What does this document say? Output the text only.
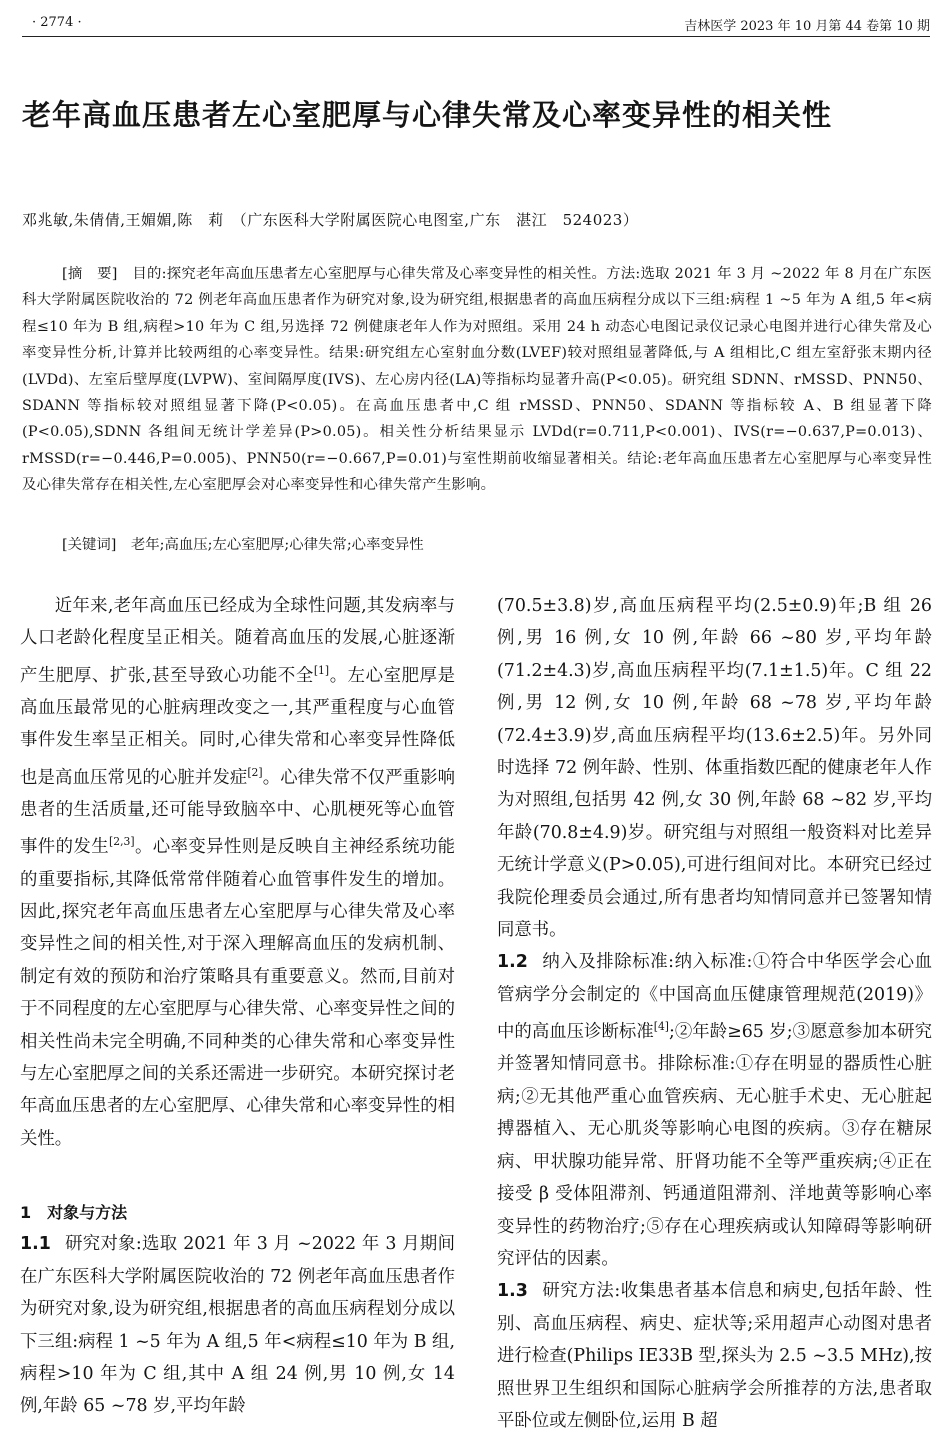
· 2774 ·	吉林医学 2023 年 10 月第 44 卷第 10 期
老年高血压患者左心室肥厚与心律失常及心率变异性的相关性
邓兆敏,朱倩倩,王媚媚,陈　莉　（广东医科大学附属医院心电图室,广东　湛江　524023）

[摘　要]　 目的:探究老年高血压患者左心室肥厚与心律失常及心率变异性的相关性。方法:选取 2021 年 3 月 ~2022 年 8 月在广东医科大学附属医院收治的 72 例老年高血压患者作为研究对象,设为研究组,根据患者的高血压病程分成以下三组:病程 1 ~5 年为 A 组,5 年<病程≤10 年为 B 组,病程>10 年为 C 组,另选择 72 例健康老年人作为对照组。采用 24 h 动态心电图记录仪记录心电图并进行心律失常及心率变异性分析,计算并比较两组的心率变异性。结果:研究组左心室射血分数(LVEF)较对照组显著降低,与 A 组相比,C 组左室舒张末期内径(LVDd)、左室后壁厚度(LVPW)、室间隔厚度(IVS)、左心房内径(LA)等指标均显著升高(P<0.05)。研究组 SDNN、rMSSD、PNN50、SDANN 等指标较对照组显著下降(P<0.05)。在高血压患者中,C 组 rMSSD、PNN50、SDANN 等指标较 A、B 组显著下降(P<0.05),SDNN 各组间无统计学差异(P>0.05)。相关性分析结果显示 LVDd(r=0.711,P<0.001)、IVS(r=−0.637,P=0.013)、rMSSD(r=−0.446,P=0.005)、PNN50(r=−0.667,P=0.01)与室性期前收缩显著相关。结论:老年高血压患者左心室肥厚与心率变异性及心律失常存在相关性,左心室肥厚会对心率变异性和心律失常产生影响。

[关键词]　 老年;高血压;左心室肥厚;心律失常;心率变异性

近年来,老年高血压已经成为全球性问题,其发病率与人口老龄化程度呈正相关。随着高血压的发展,心脏逐渐产生肥厚、扩张,甚至导致心功能不全[1]。左心室肥厚是高血压最常见的心脏病理改变之一,其严重程度与心血管事件发生率呈正相关。同时,心律失常和心率变异性降低也是高血压常见的心脏并发症[2]。心律失常不仅严重影响患者的生活质量,还可能导致脑卒中、心肌梗死等心血管事件的发生[2,3]。心率变异性则是反映自主神经系统功能的重要指标,其降低常常伴随着心血管事件发生的增加。因此,探究老年高血压患者左心室肥厚与心律失常及心率变异性之间的相关性,对于深入理解高血压的发病机制、制定有效的预防和治疗策略具有重要意义。然而,目前对于不同程度的左心室肥厚与心律失常、心率变异性之间的相关性尚未完全明确,不同种类的心律失常和心率变异性与左心室肥厚之间的关系还需进一步研究。本研究探讨老年高血压患者的左心室肥厚、心律失常和心率变异性的相关性。

1　对象与方法

1.1 研究对象:选取 2021 年 3 月 ~2022 年 3 月期间在广东医科大学附属医院收治的 72 例老年高血压患者作为研究对象,设为研究组,根据患者的高血压病程划分成以下三组:病程 1 ~5 年为 A 组,5 年<病程≤10 年为 B 组,病程>10 年为 C 组,其中 A 组 24 例,男 10 例,女 14 例,年龄 65 ~78 岁,平均年龄

(70.5±3.8)岁,高血压病程平均(2.5±0.9)年;B 组 26 例,男 16 例,女 10 例,年龄 66 ~80 岁,平均年龄(71.2±4.3)岁,高血压病程平均(7.1±1.5)年。C 组 22 例,男 12 例,女 10 例,年龄 68 ~78 岁,平均年龄(72.4±3.9)岁,高血压病程平均(13.6±2.5)年。另外同时选择 72 例年龄、性别、体重指数匹配的健康老年人作为对照组,包括男 42 例,女 30 例,年龄 68 ~82 岁,平均年龄(70.8±4.9)岁。研究组与对照组一般资料对比差异无统计学意义(P>0.05),可进行组间对比。本研究已经过我院伦理委员会通过,所有患者均知情同意并已签署知情同意书。

1.2 纳入及排除标准:纳入标准:①符合中华医学会心血管病学分会制定的《中国高血压健康管理规范(2019)》中的高血压诊断标准[4];②年龄≥65 岁;③愿意参加本研究并签署知情同意书。排除标准:①存在明显的器质性心脏病;②无其他严重心血管疾病、无心脏手术史、无心脏起搏器植入、无心肌炎等影响心电图的疾病。③存在糖尿病、甲状腺功能异常、肝肾功能不全等严重疾病;④正在接受 β 受体阻滞剂、钙通道阻滞剂、洋地黄等影响心率变异性的药物治疗;⑤存在心理疾病或认知障碍等影响研究评估的因素。

1.3 研究方法:收集患者基本信息和病史,包括年龄、性别、高血压病程、病史、症状等;采用超声心动图对患者进行检查(Philips IE33B 型,探头为 2.5 ~3.5 MHz),按照世界卫生组织和国际心脏病学会所推荐的方法,患者取平卧位或左侧卧位,运用 B 超
